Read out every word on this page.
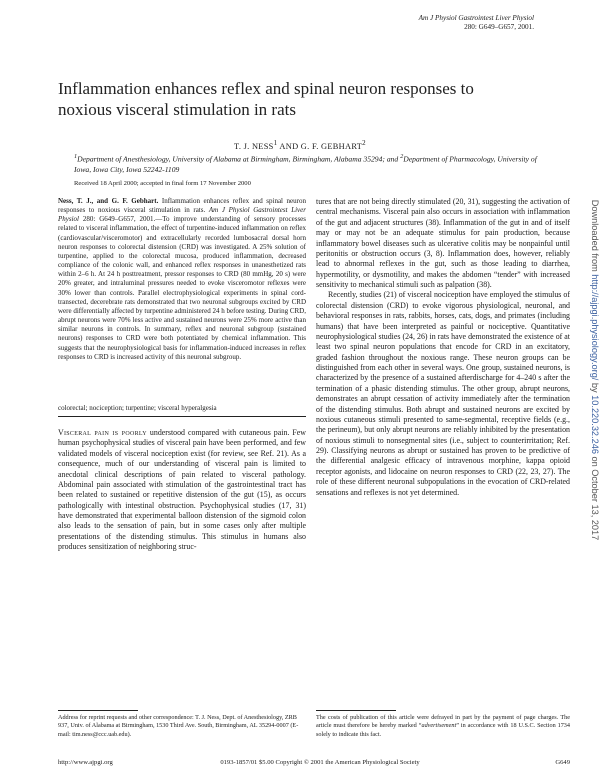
Am J Physiol Gastrointest Liver Physiol
280: G649–G657, 2001.
Inflammation enhances reflex and spinal neuron responses to noxious visceral stimulation in rats
T. J. NESS$^1$ AND G. F. GEBHART$^2$
$^1$Department of Anesthesiology, University of Alabama at Birmingham, Birmingham, Alabama 35294; and $^2$Department of Pharmacology, University of Iowa, Iowa City, Iowa 52242-1109
Received 18 April 2000; accepted in final form 17 November 2000
Ness, T. J., and G. F. Gebhart. Inflammation enhances reflex and spinal neuron responses to noxious visceral stimulation in rats. Am J Physiol Gastrointest Liver Physiol 280: G649–G657, 2001.—To improve understanding of sensory processes related to visceral inflammation, the effect of turpentine-induced inflammation on reflex (cardiovascular/visceromotor) and extracellularly recorded lumbosacral dorsal horn neuron responses to colorectal distension (CRD) was investigated. A 25% solution of turpentine, applied to the colorectal mucosa, produced inflammation, decreased compliance of the colonic wall, and enhanced reflex responses in unanesthetized rats within 2–6 h. At 24 h posttreatment, pressor responses to CRD (80 mmHg, 20 s) were 20% greater, and intraluminal pressures needed to evoke visceromotor reflexes were 30% lower than controls. Parallel electrophysiological experiments in spinal cord-transected, decerebrate rats demonstrated that two neuronal subgroups excited by CRD were differentially affected by turpentine administered 24 h before testing. During CRD, abrupt neurons were 70% less active and sustained neurons were 25% more active than similar neurons in controls. In summary, reflex and neuronal subgroup (sustained neurons) responses to CRD were both potentiated by chemical inflammation. This suggests that the neurophysiological basis for inflammation-induced increases in reflex responses to CRD is increased activity of this neuronal subgroup.
colorectal; nociception; turpentine; visceral hyperalgesia
Visceral pain is poorly understood compared with cutaneous pain. Few human psychophysical studies of visceral pain have been performed, and few validated models of visceral nociception exist (for review, see Ref. 21). As a consequence, much of our understanding of visceral pain is limited to anecdotal clinical descriptions of pain related to visceral pathology. Abdominal pain associated with stimulation of the gastrointestinal tract has been related to sustained or repetitive distension of the gut (15), as occurs pathologically with intestinal obstruction. Psychophysical studies (17, 31) have demonstrated that experimental balloon distension of the sigmoid colon also leads to the sensation of pain, but in some cases only after multiple presentations of the distending stimulus. This stimulus in humans also produces sensitization of neighboring struc-

tures that are not being directly stimulated (20, 31), suggesting the activation of central mechanisms. Visceral pain also occurs in association with inflammation of the gut and adjacent structures (38). Inflammation of the gut in and of itself may or may not be an adequate stimulus for pain production, because inflammatory bowel diseases such as ulcerative colitis may be nonpainful until peritonitis or obstruction occurs (3, 8). Inflammation does, however, reliably lead to abnormal reflexes in the gut, such as those leading to diarrhea, hypermotility, or dysmotility, and makes the abdomen “tender” with increased sensitivity to mechanical stimuli such as palpation (38).

Recently, studies (21) of visceral nociception have employed the stimulus of colorectal distension (CRD) to evoke vigorous physiological, neuronal, and behavioral responses in rats, rabbits, horses, cats, dogs, and primates (including humans) that have been interpreted as painful or nociceptive. Quantitative neurophysiological studies (24, 26) in rats have demonstrated the existence of at least two spinal neuron populations that encode for CRD in an excitatory, graded fashion throughout the noxious range. These neuron groups can be distinguished from each other in several ways. One group, sustained neurons, is characterized by the presence of a sustained afterdischarge for 4–240 s after the termination of a phasic distending stimulus. The other group, abrupt neurons, demonstrates an abrupt cessation of activity immediately after the termination of the distending stimulus. Both abrupt and sustained neurons are excited by noxious cutaneous stimuli presented to same-segmental, receptive fields (e.g., the perineum), but only abrupt neurons are reliably inhibited by the presentation of noxious stimuli to nonsegmental sites (i.e., subject to counterirritation; Ref. 29). Classifying neurons as abrupt or sustained has proven to be predictive of the differential analgesic efficacy of intravenous morphine, kappa opioid receptor agonists, and lidocaine on neuron responses to CRD (22, 23, 27). The role of these different neuronal subpopulations in the evocation of CRD-related sensations and reflexes is not yet determined.

Address for reprint requests and other correspondence: T. J. Ness, Dept. of Anesthesiology, ZRB 937, Univ. of Alabama at Birmingham, 1530 Third Ave. South, Birmingham, AL 35294-0007 (E-mail: tim.ness@ccc.uab.edu).
The costs of publication of this article were defrayed in part by the payment of page charges. The article must therefore be hereby marked “advertisement” in accordance with 18 U.S.C. Section 1734 solely to indicate this fact.
http://www.ajpgi.org	0193-1857/01 $5.00 Copyright © 2001 the American Physiological Society	G649
Downloaded from http://ajpgi.physiology.org/ by 10.220.32.246 on October 13, 2017
